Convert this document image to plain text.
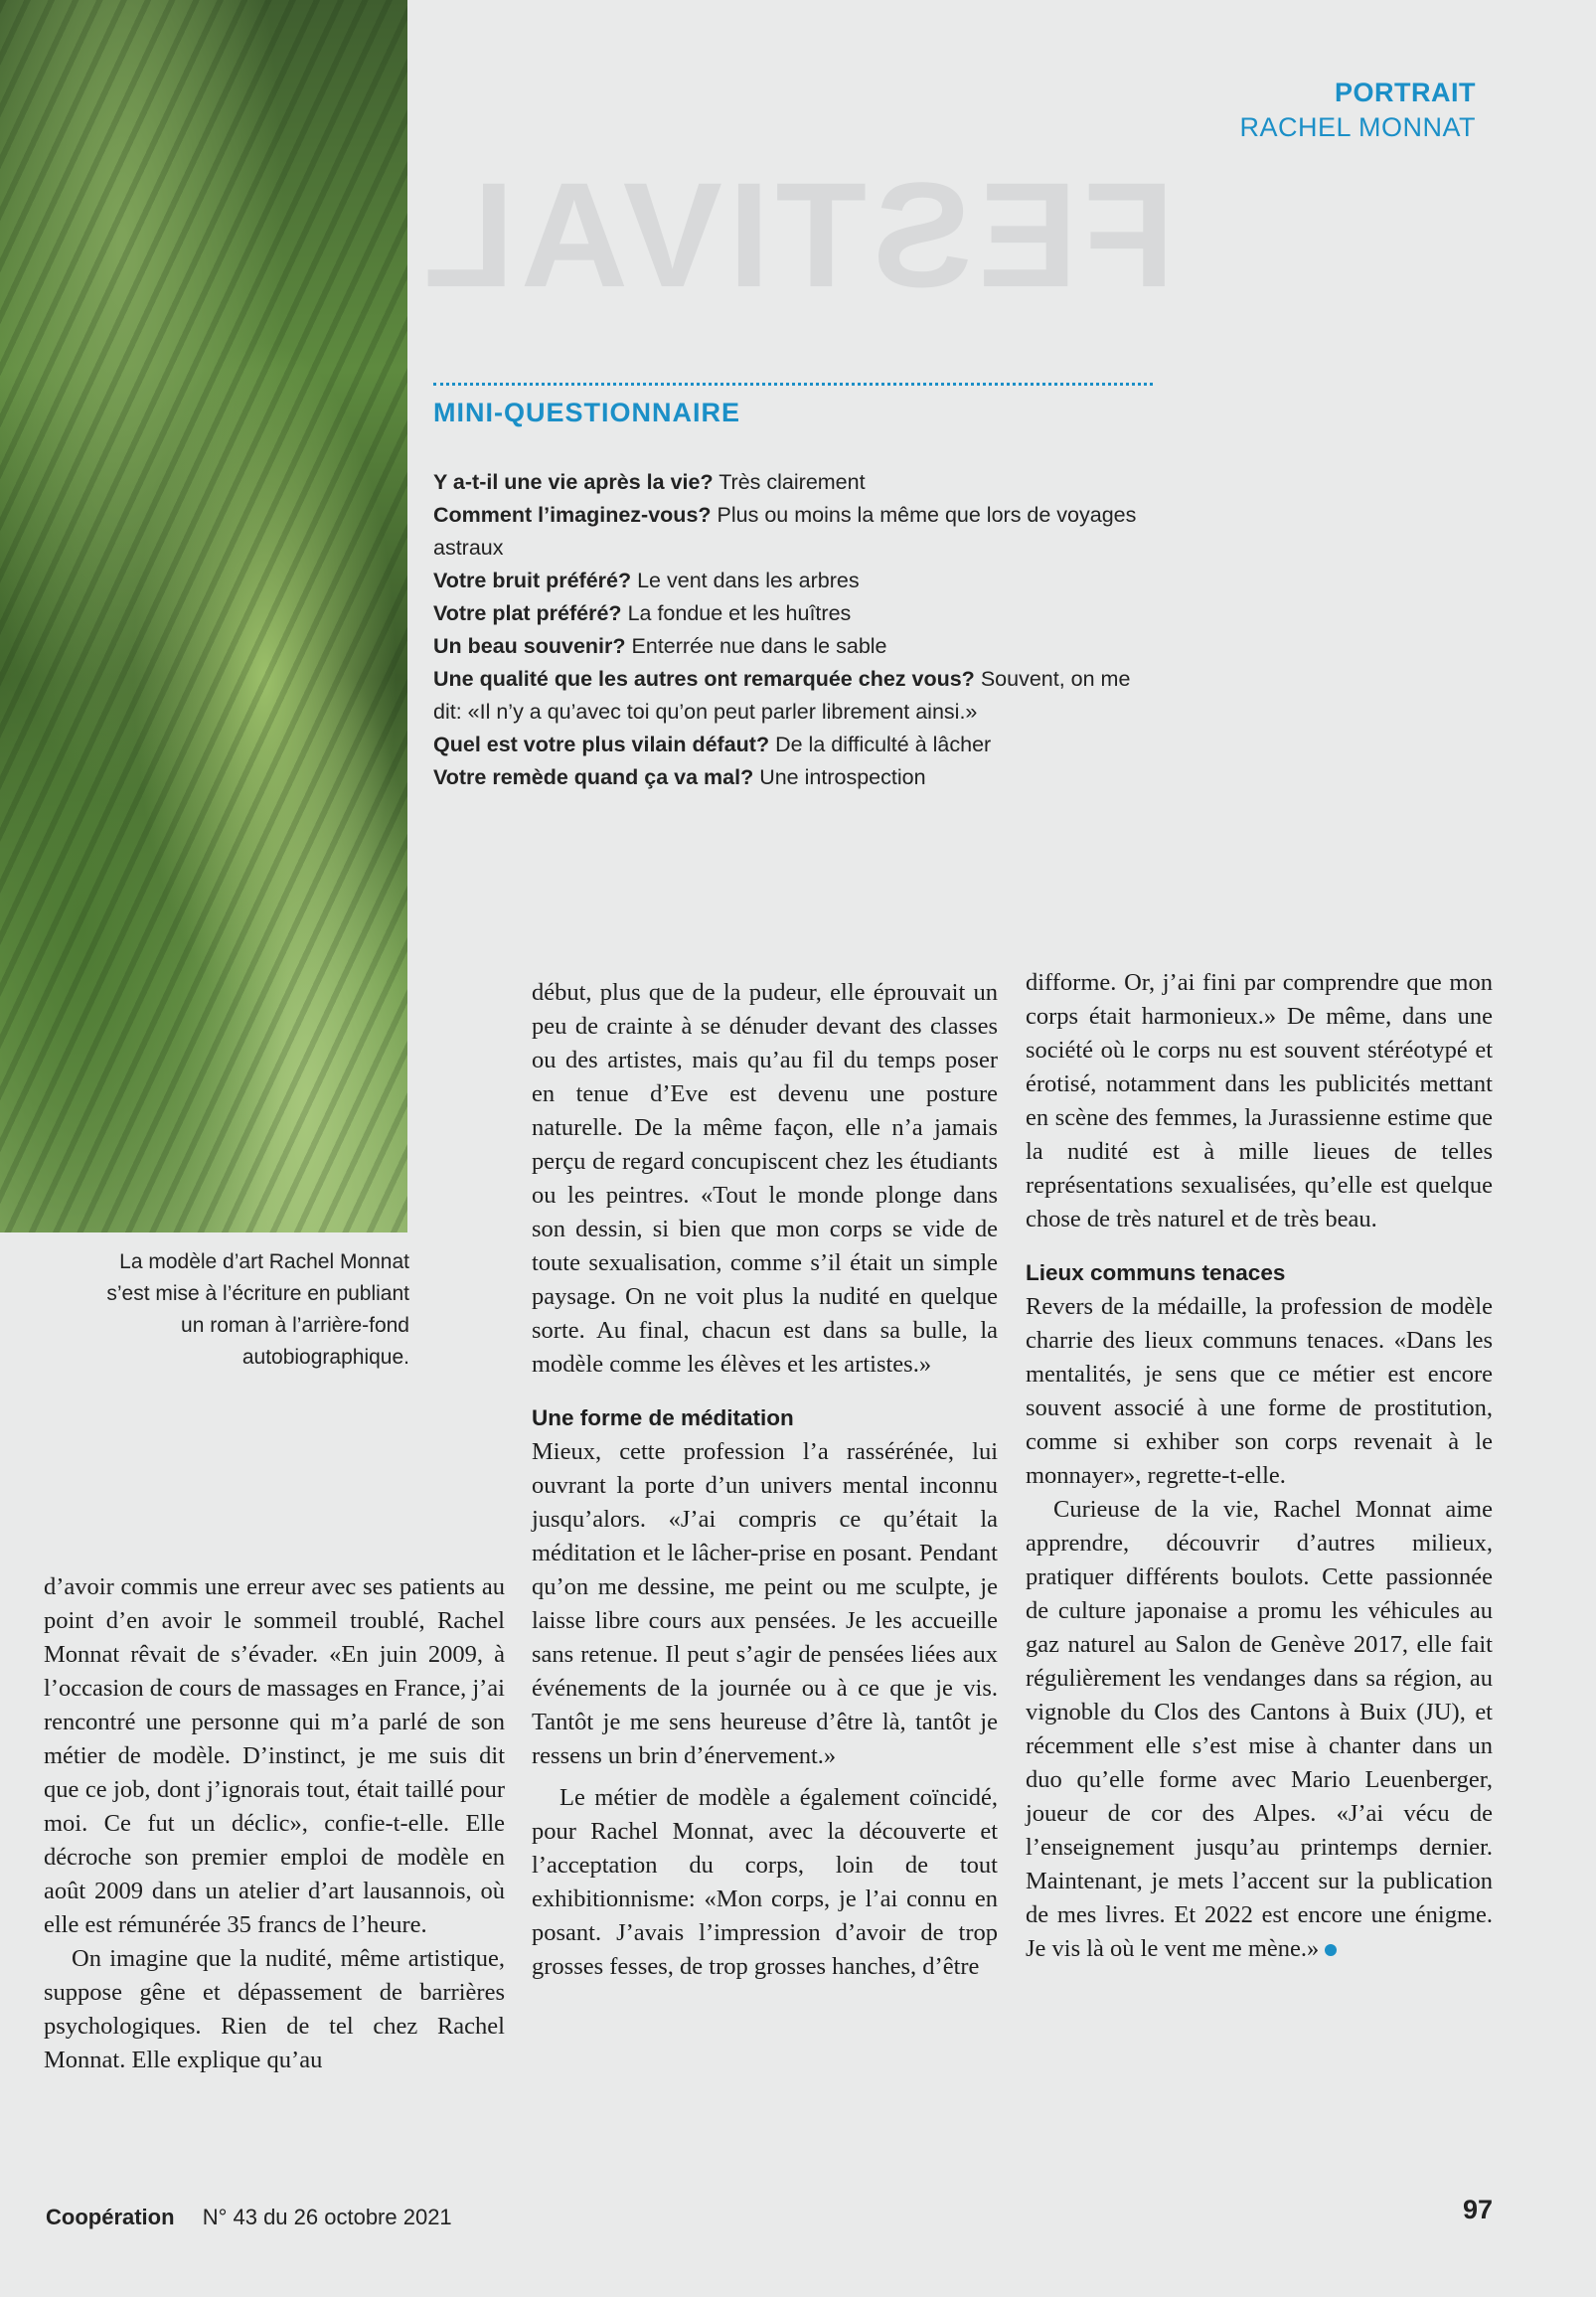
FESTIVAL
PORTRAIT
RACHEL MONNAT
MINI-QUESTIONNAIRE

Y a-t-il une vie après la vie? Très clairement

Comment l’imaginez-vous? Plus ou moins la même que lors de voyages astraux

Votre bruit préféré? Le vent dans les arbres

Votre plat préféré? La fondue et les huîtres

Un beau souvenir? Enterrée nue dans le sable

Une qualité que les autres ont remarquée chez vous? Souvent, on me dit: «Il n’y a qu’avec toi qu’on peut parler librement ainsi.»

Quel est votre plus vilain défaut? De la difficulté à lâcher

Votre remède quand ça va mal? Une introspection

La modèle d’art Rachel Monnat s’est mise à l’écriture en publiant un roman à l’arrière-fond autobiographique.

d’avoir commis une erreur avec ses patients au point d’en avoir le sommeil troublé, Rachel Monnat rêvait de s’évader. «En juin 2009, à l’occasion de cours de massages en France, j’ai rencontré une personne qui m’a parlé de son métier de modèle. D’instinct, je me suis dit que ce job, dont j’ignorais tout, était taillé pour moi. Ce fut un déclic», confie-t-elle. Elle décroche son premier emploi de modèle en août 2009 dans un atelier d’art lausannois, où elle est rémunérée 35 francs de l’heure.

On imagine que la nudité, même artistique, suppose gêne et dépassement de barrières psychologiques. Rien de tel chez Rachel Monnat. Elle explique qu’au

début, plus que de la pudeur, elle éprouvait un peu de crainte à se dénuder devant des classes ou des artistes, mais qu’au fil du temps poser en tenue d’Eve est devenu une posture naturelle. De la même façon, elle n’a jamais perçu de regard concupiscent chez les étudiants ou les peintres. «Tout le monde plonge dans son dessin, si bien que mon corps se vide de toute sexualisation, comme s’il était un simple paysage. On ne voit plus la nudité en quelque sorte. Au final, chacun est dans sa bulle, la modèle comme les élèves et les artistes.»

Une forme de méditation

Mieux, cette profession l’a rassérénée, lui ouvrant la porte d’un univers mental inconnu jusqu’alors. «J’ai compris ce qu’était la méditation et le lâcher-prise en posant. Pendant qu’on me dessine, me peint ou me sculpte, je laisse libre cours aux pensées. Je les accueille sans retenue. Il peut s’agir de pensées liées aux événements de la journée ou à ce que je vis. Tantôt je me sens heureuse d’être là, tantôt je ressens un brin d’énervement.»

Le métier de modèle a également coïncidé, pour Rachel Monnat, avec la découverte et l’acceptation du corps, loin de tout exhibitionnisme: «Mon corps, je l’ai connu en posant. J’avais l’impression d’avoir de trop grosses fesses, de trop grosses hanches, d’être

difforme. Or, j’ai fini par comprendre que mon corps était harmonieux.» De même, dans une société où le corps nu est souvent stéréotypé et érotisé, notamment dans les publicités mettant en scène des femmes, la Jurassienne estime que la nudité est à mille lieues de telles représentations sexualisées, qu’elle est quelque chose de très naturel et de très beau.

Lieux communs tenaces

Revers de la médaille, la profession de modèle charrie des lieux communs tenaces. «Dans les mentalités, je sens que ce métier est encore souvent associé à une forme de prostitution, comme si exhiber son corps revenait à le monnayer», regrette-t-elle.

Curieuse de la vie, Rachel Monnat aime apprendre, découvrir d’autres milieux, pratiquer différents boulots. Cette passionnée de culture japonaise a promu les véhicules au gaz naturel au Salon de Genève 2017, elle fait régulièrement les vendanges dans sa région, au vignoble du Clos des Cantons à Buix (JU), et récemment elle s’est mise à chanter dans un duo qu’elle forme avec Mario Leuenberger, joueur de cor des Alpes. «J’ai vécu de l’enseignement jusqu’au printemps dernier. Maintenant, je mets l’accent sur la publication de mes livres. Et 2022 est encore une énigme. Je vis là où le vent me mène.»

Coopération N° 43 du 26 octobre 2021	97
